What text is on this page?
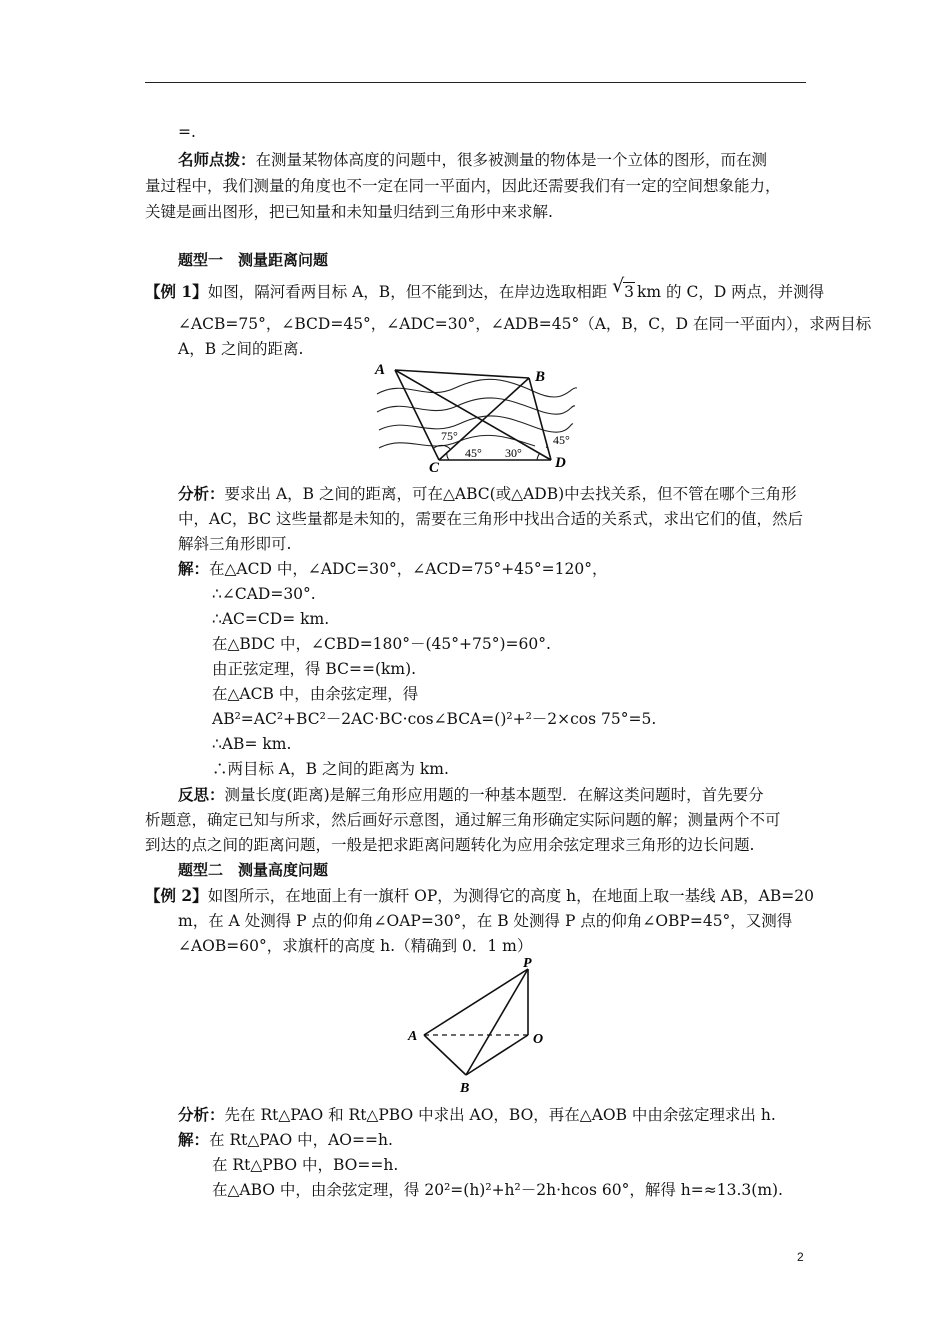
=.
名师点拨：在测量某物体高度的问题中，很多被测量的物体是一个立体的图形，而在测
量过程中，我们测量的角度也不一定在同一平面内，因此还需要我们有一定的空间想象能力，
关键是画出图形，把已知量和未知量归结到三角形中来求解.
题型一　测量距离问题
【例 1】如图，隔河看两目标 A，B，但不能到达，在岸边选取相距 √ 3 km 的 C，D 两点，并测得
∠ACB=75°，∠BCD=45°，∠ADC=30°，∠ADB=45°（A，B，C，D 在同一平面内），求两目标
A，B 之间的距离.
A	B
C	D
75°
45° 30°
45°
分析：要求出 A，B 之间的距离，可在△ABC(或△ADB)中去找关系，但不管在哪个三角形
中，AC，BC 这些量都是未知的，需要在三角形中找出合适的关系式，求出它们的值，然后
解斜三角形即可.
解：在△ACD 中，∠ADC=30°，∠ACD=75°+45°=120°，
∴∠CAD=30°.
∴AC=CD= km.
在△BDC 中，∠CBD=180°－(45°+75°)=60°.
由正弦定理，得 BC==(km).
在△ACB 中，由余弦定理，得
AB²=AC²+BC²－2AC·BC·cos∠BCA=()²+²－2×cos 75°=5.
∴AB= km.
∴两目标 A，B 之间的距离为 km.
反思：测量长度(距离)是解三角形应用题的一种基本题型．在解这类问题时，首先要分
析题意，确定已知与所求，然后画好示意图，通过解三角形确定实际问题的解；测量两个不可
到达的点之间的距离问题，一般是把求距离问题转化为应用余弦定理求三角形的边长问题.
题型二　测量高度问题
【例 2】如图所示，在地面上有一旗杆 OP，为测得它的高度 h，在地面上取一基线 AB，AB=20
m，在 A 处测得 P 点的仰角∠OAP=30°，在 B 处测得 P 点的仰角∠OBP=45°，又测得
∠AOB=60°，求旗杆的高度 h.（精确到 0．1 m）
P
A	O
B
分析：先在 Rt△PAO 和 Rt△PBO 中求出 AO，BO，再在△AOB 中由余弦定理求出 h.
解：在 Rt△PAO 中，AO==h.
在 Rt△PBO 中，BO==h.
在△ABO 中，由余弦定理，得 20²=(h)²+h²－2h·hcos 60°，解得 h=≈13.3(m).
2
